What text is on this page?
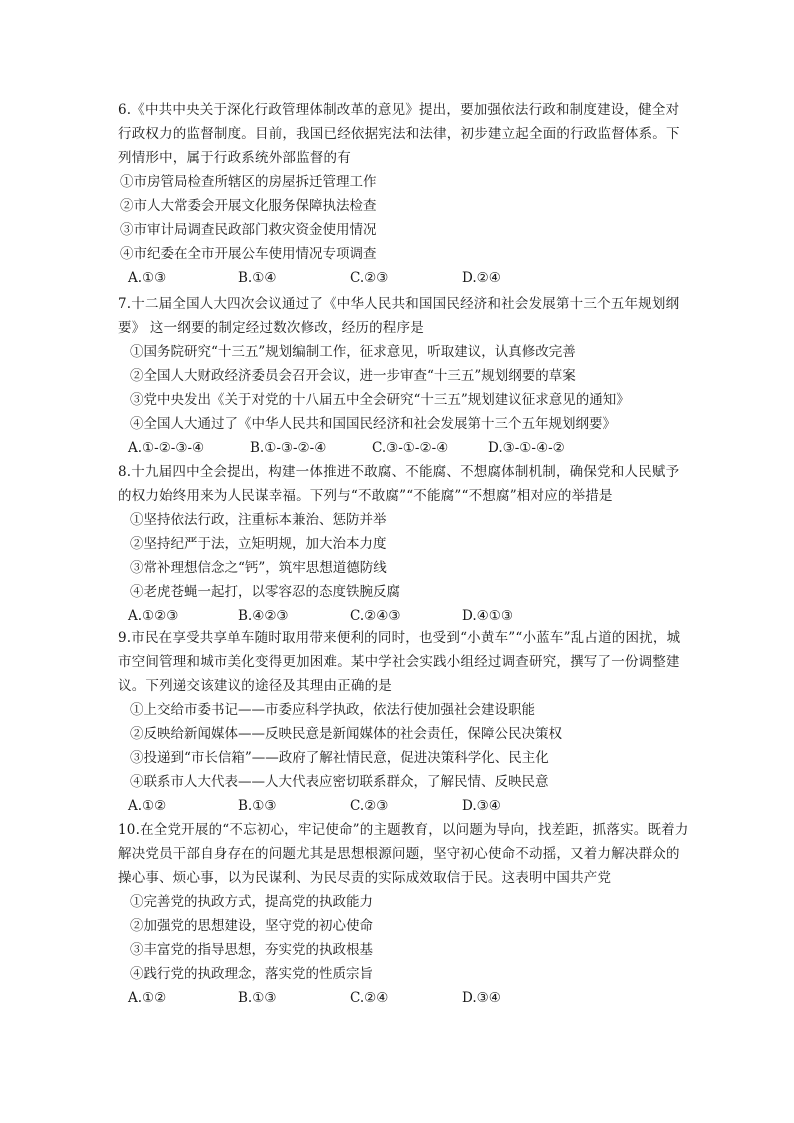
6.《中共中央关于深化行政管理体制改革的意见》提出，要加强依法行政和制度建设，健全对行政权力的监督制度。目前，我国已经依据宪法和法律，初步建立起全面的行政监督体系。下列情形中，属于行政系统外部监督的有

①市房管局检查所辖区的房屋拆迁管理工作

②市人大常委会开展文化服务保障执法检查

③市审计局调查民政部门救灾资金使用情况

④市纪委在全市开展公车使用情况专项调查

A.①③	B.①④	C.②③	D.②④

7.十二届全国人大四次会议通过了《中华人民共和国国民经济和社会发展第十三个五年规划纲要》 这一纲要的制定经过数次修改，经历的程序是

①国务院研究“十三五”规划编制工作，征求意见，听取建议，认真修改完善

②全国人大财政经济委员会召开会议，进一步审查“十三五”规划纲要的草案

③党中央发出《关于对党的十八届五中全会研究“十三五”规划建议征求意见的通知》

④全国人大通过了《中华人民共和国国民经济和社会发展第十三个五年规划纲要》

A.①-②-③-④	B.①-③-②-④	C.③-①-②-④	D.③-①-④-②

8.十九届四中全会提出，构建一体推进不敢腐、不能腐、不想腐体制机制，确保党和人民赋予的权力始终用来为人民谋幸福。下列与“不敢腐”“不能腐”“不想腐”相对应的举措是

①坚持依法行政，注重标本兼治、惩防并举

②坚持纪严于法，立矩明规，加大治本力度

③常补理想信念之“钙”，筑牢思想道德防线

④老虎苍蝇一起打，以零容忍的态度铁腕反腐

A.①②③	B.④②③	C.②④③	D.④①③

9.市民在享受共享单车随时取用带来便利的同时，也受到“小黄车”“小蓝车”乱占道的困扰，城市空间管理和城市美化变得更加困难。某中学社会实践小组经过调查研究，撰写了一份调整建议。下列递交该建议的途径及其理由正确的是

①上交给市委书记——市委应科学执政，依法行使加强社会建设职能

②反映给新闻媒体——反映民意是新闻媒体的社会责任，保障公民决策权

③投递到“市长信箱”——政府了解社情民意，促进决策科学化、民主化

④联系市人大代表——人大代表应密切联系群众，了解民情、反映民意

A.①②	B.①③	C.②③	D.③④

10.在全党开展的“不忘初心，牢记使命”的主题教育，以问题为导向，找差距，抓落实。既着力解决党员干部自身存在的问题尤其是思想根源问题，坚守初心使命不动摇，又着力解决群众的操心事、烦心事，以为民谋利、为民尽责的实际成效取信于民。这表明中国共产党

①完善党的执政方式，提高党的执政能力

②加强党的思想建设，坚守党的初心使命

③丰富党的指导思想，夯实党的执政根基

④践行党的执政理念，落实党的性质宗旨

A.①②	B.①③	C.②④	D.③④
